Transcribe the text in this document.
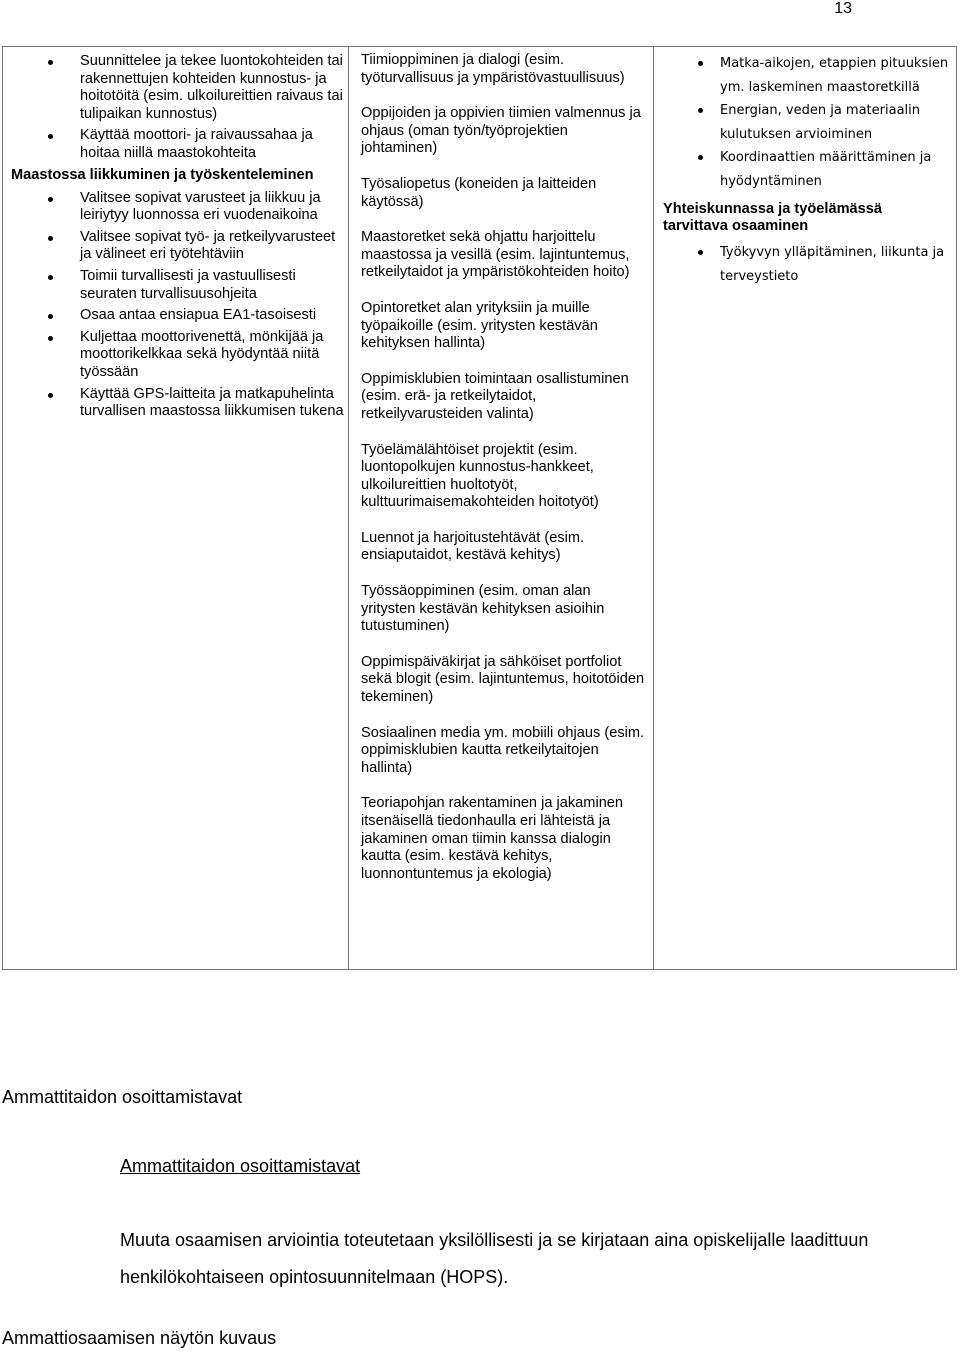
13
Suunnittelee ja tekee luontokohteiden tai rakennettujen kohteiden kunnostus- ja hoitotöitä (esim. ulkoilureittien raivaus tai tulipaikan kunnostus)
Käyttää moottori- ja raivaussahaa ja hoitaa niillä maastokohteita
Maastossa liikkuminen ja työskenteleminen
Valitsee sopivat varusteet ja liikkuu ja leiriytyy luonnossa eri vuodenaikoina
Valitsee sopivat työ- ja retkeilyvarusteet ja välineet eri työtehtäviin
Toimii turvallisesti ja vastuullisesti seuraten turvallisuusohjeita
Osaa antaa ensiapua EA1-tasoisesti
Kuljettaa moottorivenettä, mönkijää ja moottorikelkkaa sekä hyödyntää niitä työssään
Käyttää GPS-laitteita ja matkapuhelinta turvallisen maastossa liikkumisen tukena

Tiimioppiminen ja dialogi (esim. työturvallisuus ja ympäristövastuullisuus)

Oppijoiden ja oppivien tiimien valmennus ja ohjaus (oman työn/työprojektien johtaminen)

Työsaliopetus (koneiden ja laitteiden käytössä)

Maastoretket sekä ohjattu harjoittelu maastossa ja vesillä (esim. lajintuntemus, retkeilytaidot ja ympäristökohteiden hoito)

Opintoretket alan yrityksiin ja muille työpaikoille (esim. yritysten kestävän kehityksen hallinta)

Oppimisklubien toimintaan osallistuminen (esim. erä- ja retkeilytaidot, retkeilyvarusteiden valinta)

Työelämälähtöiset projektit (esim. luontopolkujen kunnostus-hankkeet, ulkoilureittien huoltotyöt, kulttuurimaisemakohteiden hoitotyöt)

Luennot ja harjoitustehtävät (esim. ensiaputaidot, kestävä kehitys)

Työssäoppiminen (esim. oman alan yritysten kestävän kehityksen asioihin tutustuminen)

Oppimispäiväkirjat ja sähköiset portfoliot sekä blogit (esim. lajintuntemus, hoitotöiden tekeminen)

Sosiaalinen media ym. mobiili ohjaus (esim. oppimisklubien kautta retkeilytaitojen hallinta)

Teoriapohjan rakentaminen ja jakaminen itsenäisellä tiedonhaulla eri lähteistä ja jakaminen oman tiimin kanssa dialogin kautta (esim. kestävä kehitys, luonnontuntemus ja ekologia)

Matka-aikojen, etappien pituuksien ym. laskeminen maastoretkillä
Energian, veden ja materiaalin kulutuksen arvioiminen
Koordinaattien määrittäminen ja hyödyntäminen
Yhteiskunnassa ja työelämässä tarvittava osaaminen
Työkyvyn ylläpitäminen, liikunta ja terveystieto
Ammattitaidon osoittamistavat
Ammattitaidon osoittamistavat
Muuta osaamisen arviointia toteutetaan yksilöllisesti ja se kirjataan aina opiskelijalle laadittuun henkilökohtaiseen opintosuunnitelmaan (HOPS).
Ammattiosaamisen näytön kuvaus
